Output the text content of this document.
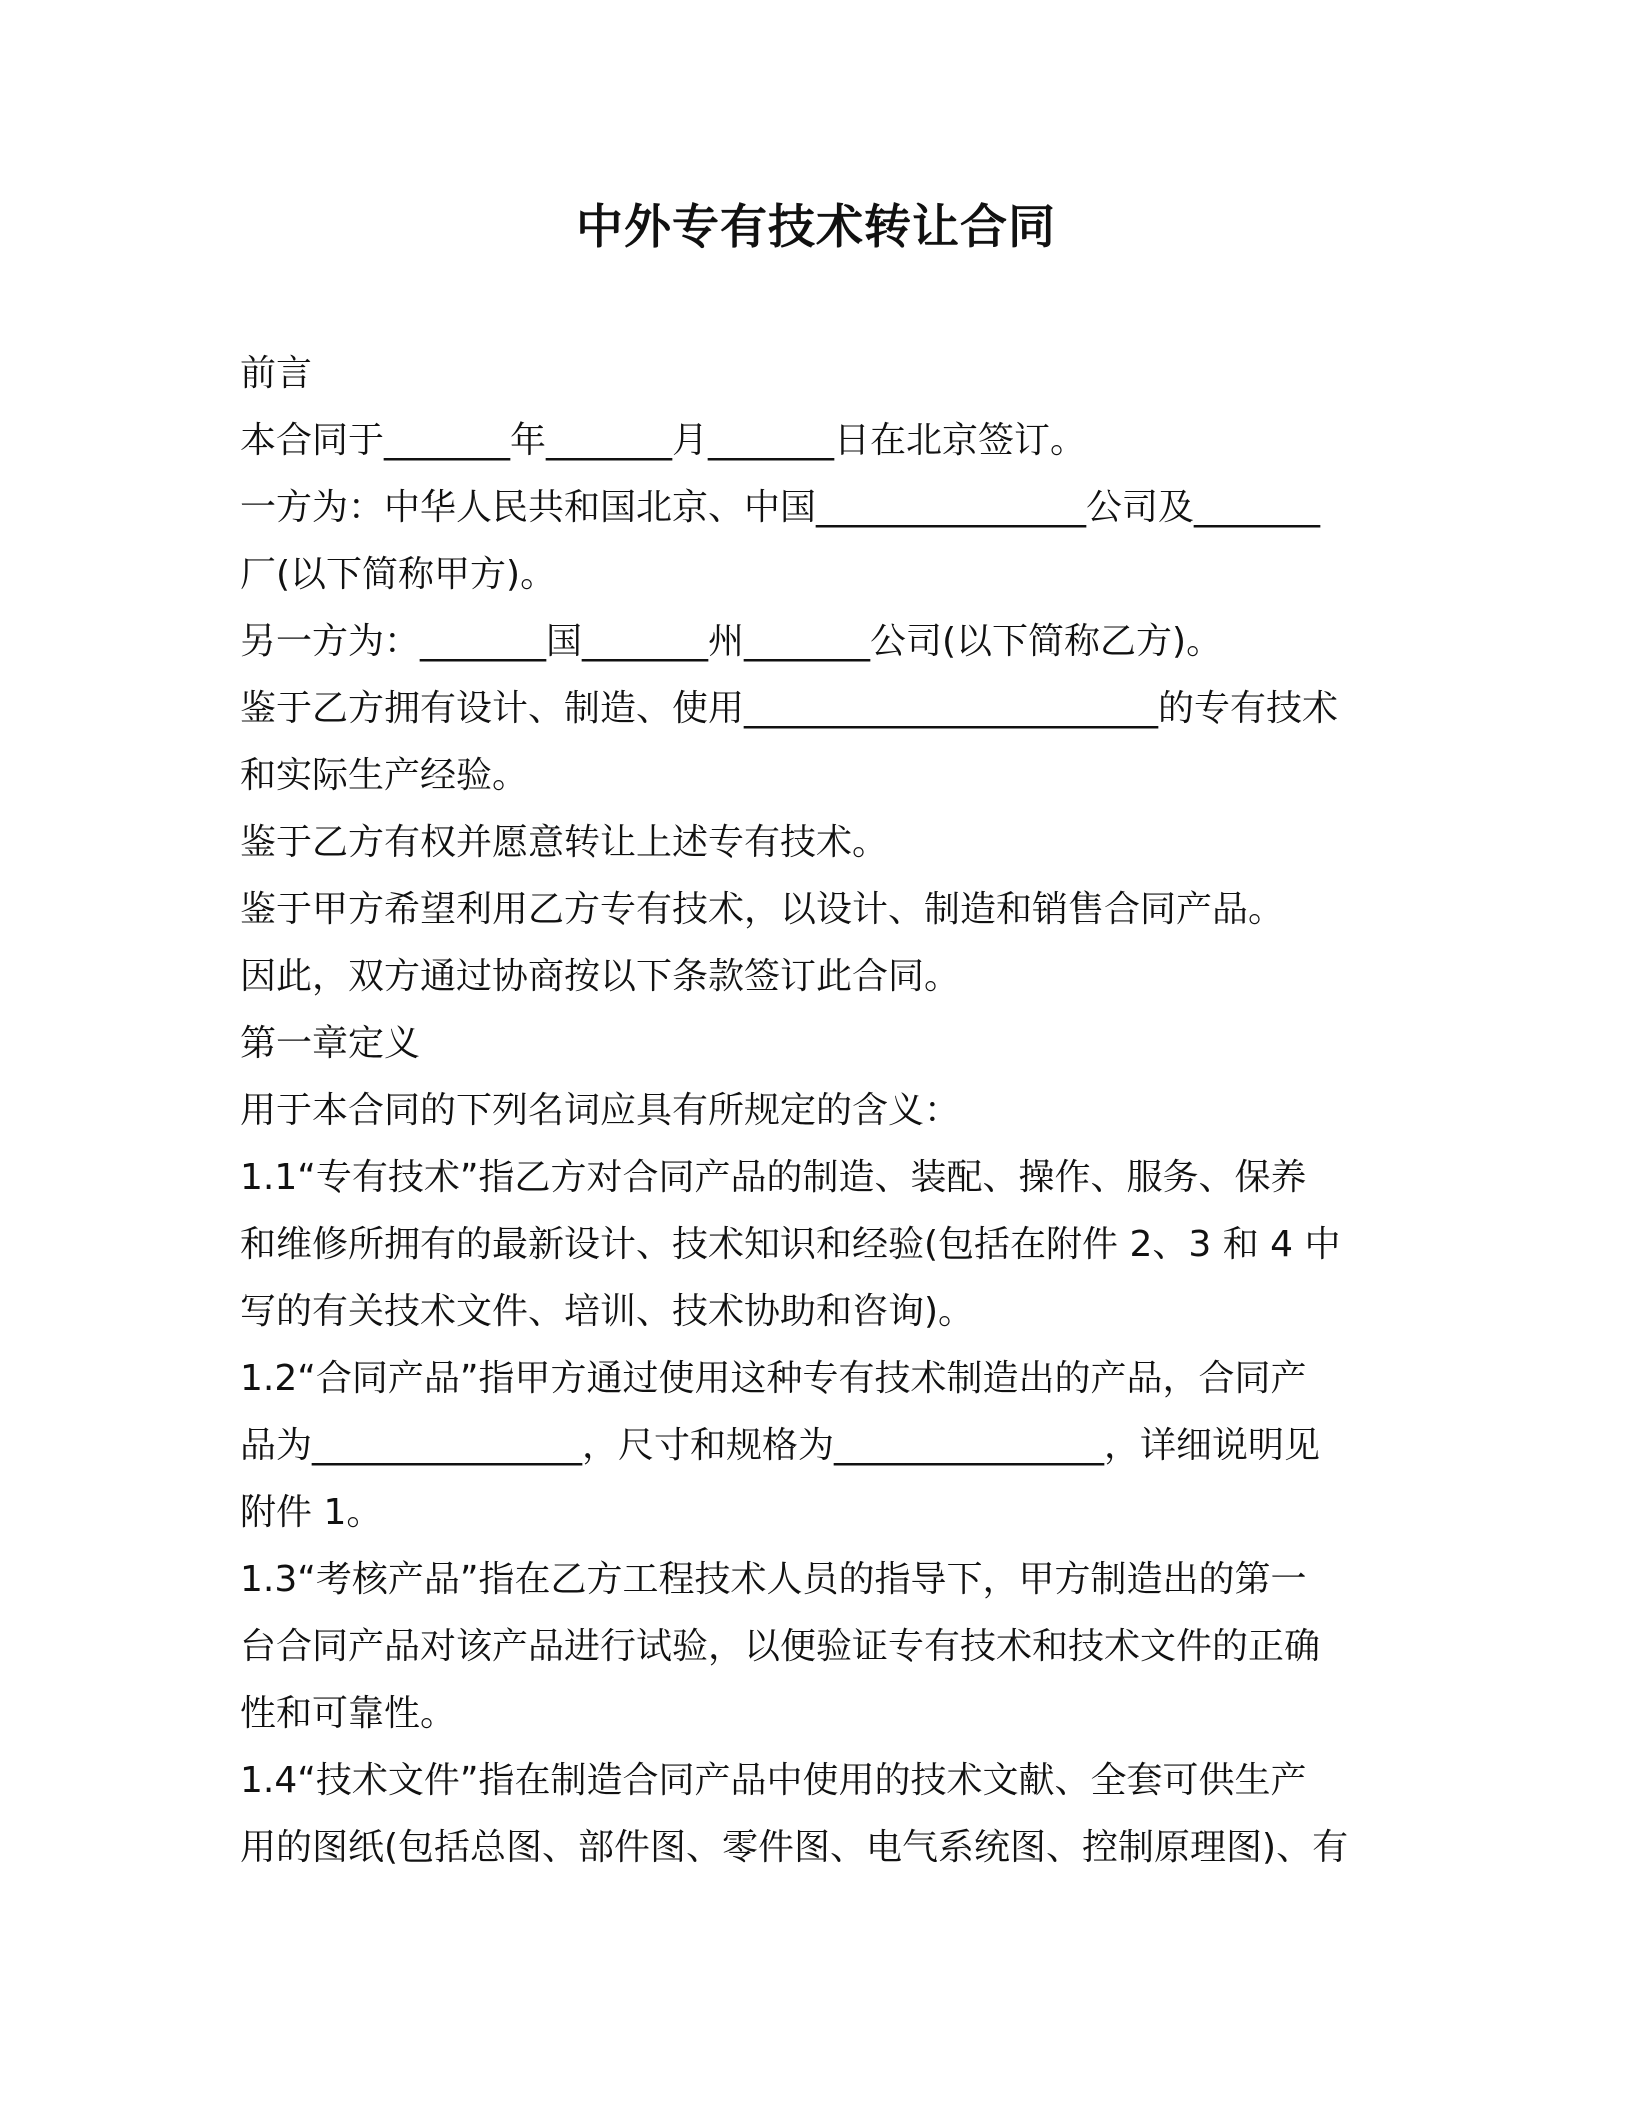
中外专有技术转让合同

前言

本合同于_______年_______月_______日在北京签订。

一方为：中华人民共和国北京、中国_______________公司及_______

厂(以下简称甲方)。

另一方为：_______国_______州_______公司(以下简称乙方)。

鉴于乙方拥有设计、制造、使用_______________________的专有技术

和实际生产经验。

鉴于乙方有权并愿意转让上述专有技术。

鉴于甲方希望利用乙方专有技术，以设计、制造和销售合同产品。

因此，双方通过协商按以下条款签订此合同。

第一章定义

用于本合同的下列名词应具有所规定的含义：

1.1“专有技术”指乙方对合同产品的制造、装配、操作、服务、保养

和维修所拥有的最新设计、技术知识和经验(包括在附件 2、3 和 4 中

写的有关技术文件、培训、技术协助和咨询)。

1.2“合同产品”指甲方通过使用这种专有技术制造出的产品，合同产

品为_______________，尺寸和规格为_______________，详细说明见

附件 1。

1.3“考核产品”指在乙方工程技术人员的指导下，甲方制造出的第一

台合同产品对该产品进行试验，以便验证专有技术和技术文件的正确

性和可靠性。

1.4“技术文件”指在制造合同产品中使用的技术文献、全套可供生产

用的图纸(包括总图、部件图、零件图、电气系统图、控制原理图)、有
